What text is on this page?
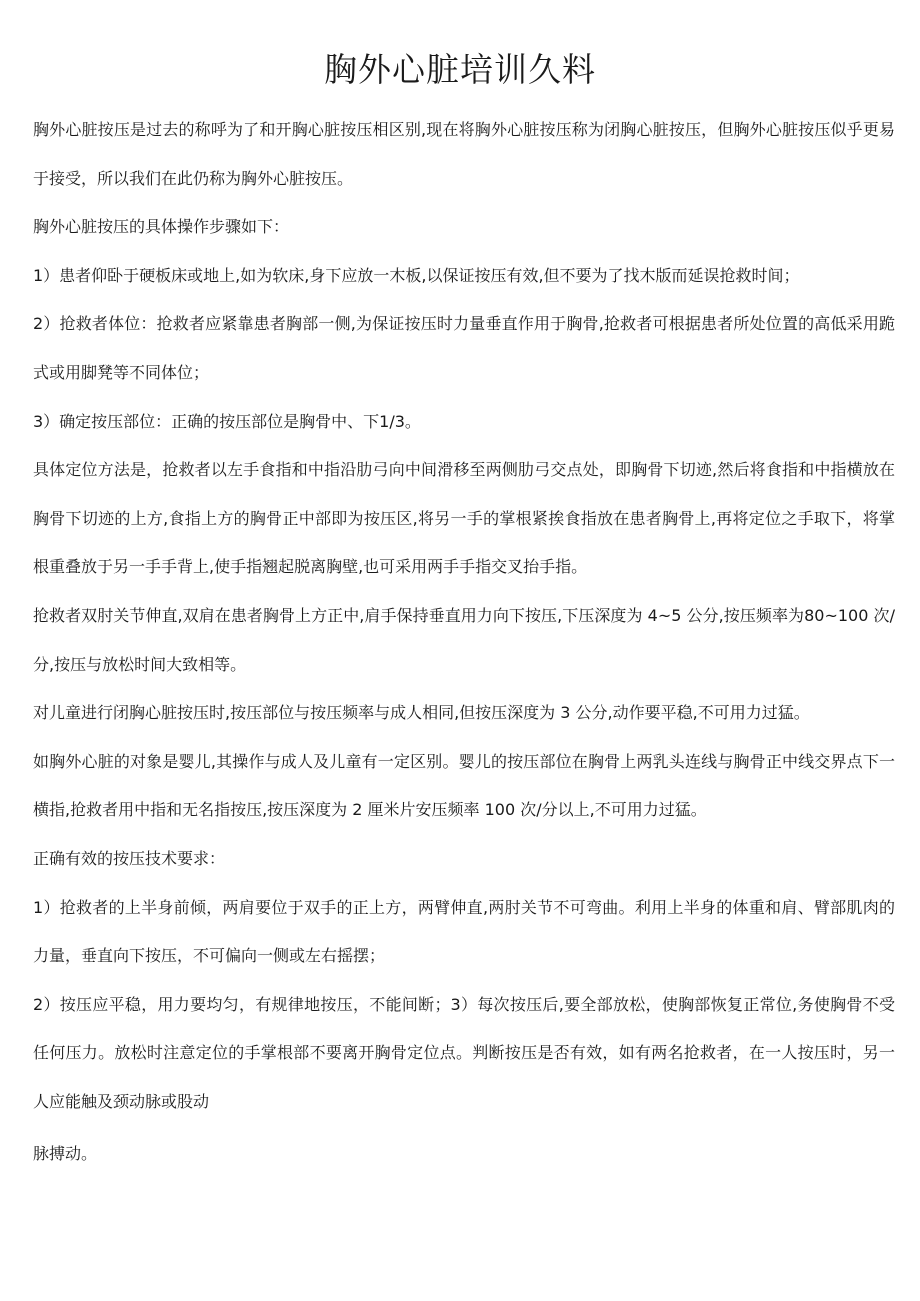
胸外心脏培训久料

胸外心脏按压是过去的称呼为了和开胸心脏按压相区别,现在将胸外心脏按压称为闭胸心脏按压，但胸外心脏按压似乎更易于接受，所以我们在此仍称为胸外心脏按压。

胸外心脏按压的具体操作步骤如下：

1）患者仰卧于硬板床或地上,如为软床,身下应放一木板,以保证按压有效,但不要为了找木版而延误抢救时间；

2）抢救者体位：抢救者应紧靠患者胸部一侧,为保证按压时力量垂直作用于胸骨,抢救者可根据患者所处位置的高低采用跪式或用脚凳等不同体位；

3）确定按压部位：正确的按压部位是胸骨中、下1/3。

具体定位方法是，抢救者以左手食指和中指沿肋弓向中间滑移至两侧肋弓交点处，即胸骨下切迹,然后将食指和中指横放在胸骨下切迹的上方,食指上方的胸骨正中部即为按压区,将另一手的掌根紧挨食指放在患者胸骨上,再将定位之手取下，将掌根重叠放于另一手手背上,使手指翘起脱离胸壁,也可采用两手手指交叉抬手指。

抢救者双肘关节伸直,双肩在患者胸骨上方正中,肩手保持垂直用力向下按压,下压深度为 4~5 公分,按压频率为80~100 次/分,按压与放松时间大致相等。

对儿童进行闭胸心脏按压时,按压部位与按压频率与成人相同,但按压深度为 3 公分,动作要平稳,不可用力过猛。

如胸外心脏的对象是婴儿,其操作与成人及儿童有一定区别。婴儿的按压部位在胸骨上两乳头连线与胸骨正中线交界点下一横指,抢救者用中指和无名指按压,按压深度为 2 厘米片安压频率 100 次/分以上,不可用力过猛。

正确有效的按压技术要求：

1）抢救者的上半身前倾，两肩要位于双手的正上方，两臂伸直,两肘关节不可弯曲。利用上半身的体重和肩、臂部肌肉的力量，垂直向下按压，不可偏向一侧或左右摇摆；

2）按压应平稳，用力要均匀，有规律地按压，不能间断；3）每次按压后,要全部放松，使胸部恢复正常位,务使胸骨不受任何压力。放松时注意定位的手掌根部不要离开胸骨定位点。判断按压是否有效，如有两名抢救者，在一人按压时，另一人应能触及颈动脉或股动

脉搏动。
